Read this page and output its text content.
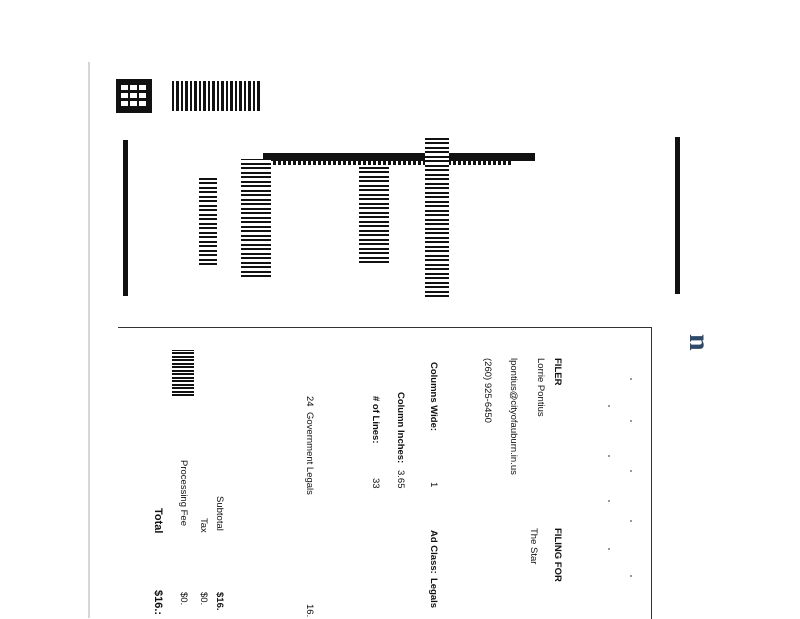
n
FILER
Lorrie Pontius
lpontius@cityofauburn.in.us
(260) 925-6450
FILING FOR
The Star
Columns Wide:
1
Ad Class:
Legals
Column Inches:
3.65
# of Lines:
33
24
Government Legals
16.
Subtotal
$16.
Tax
$0.
Processing Fee
$0.
Total
$16.:
